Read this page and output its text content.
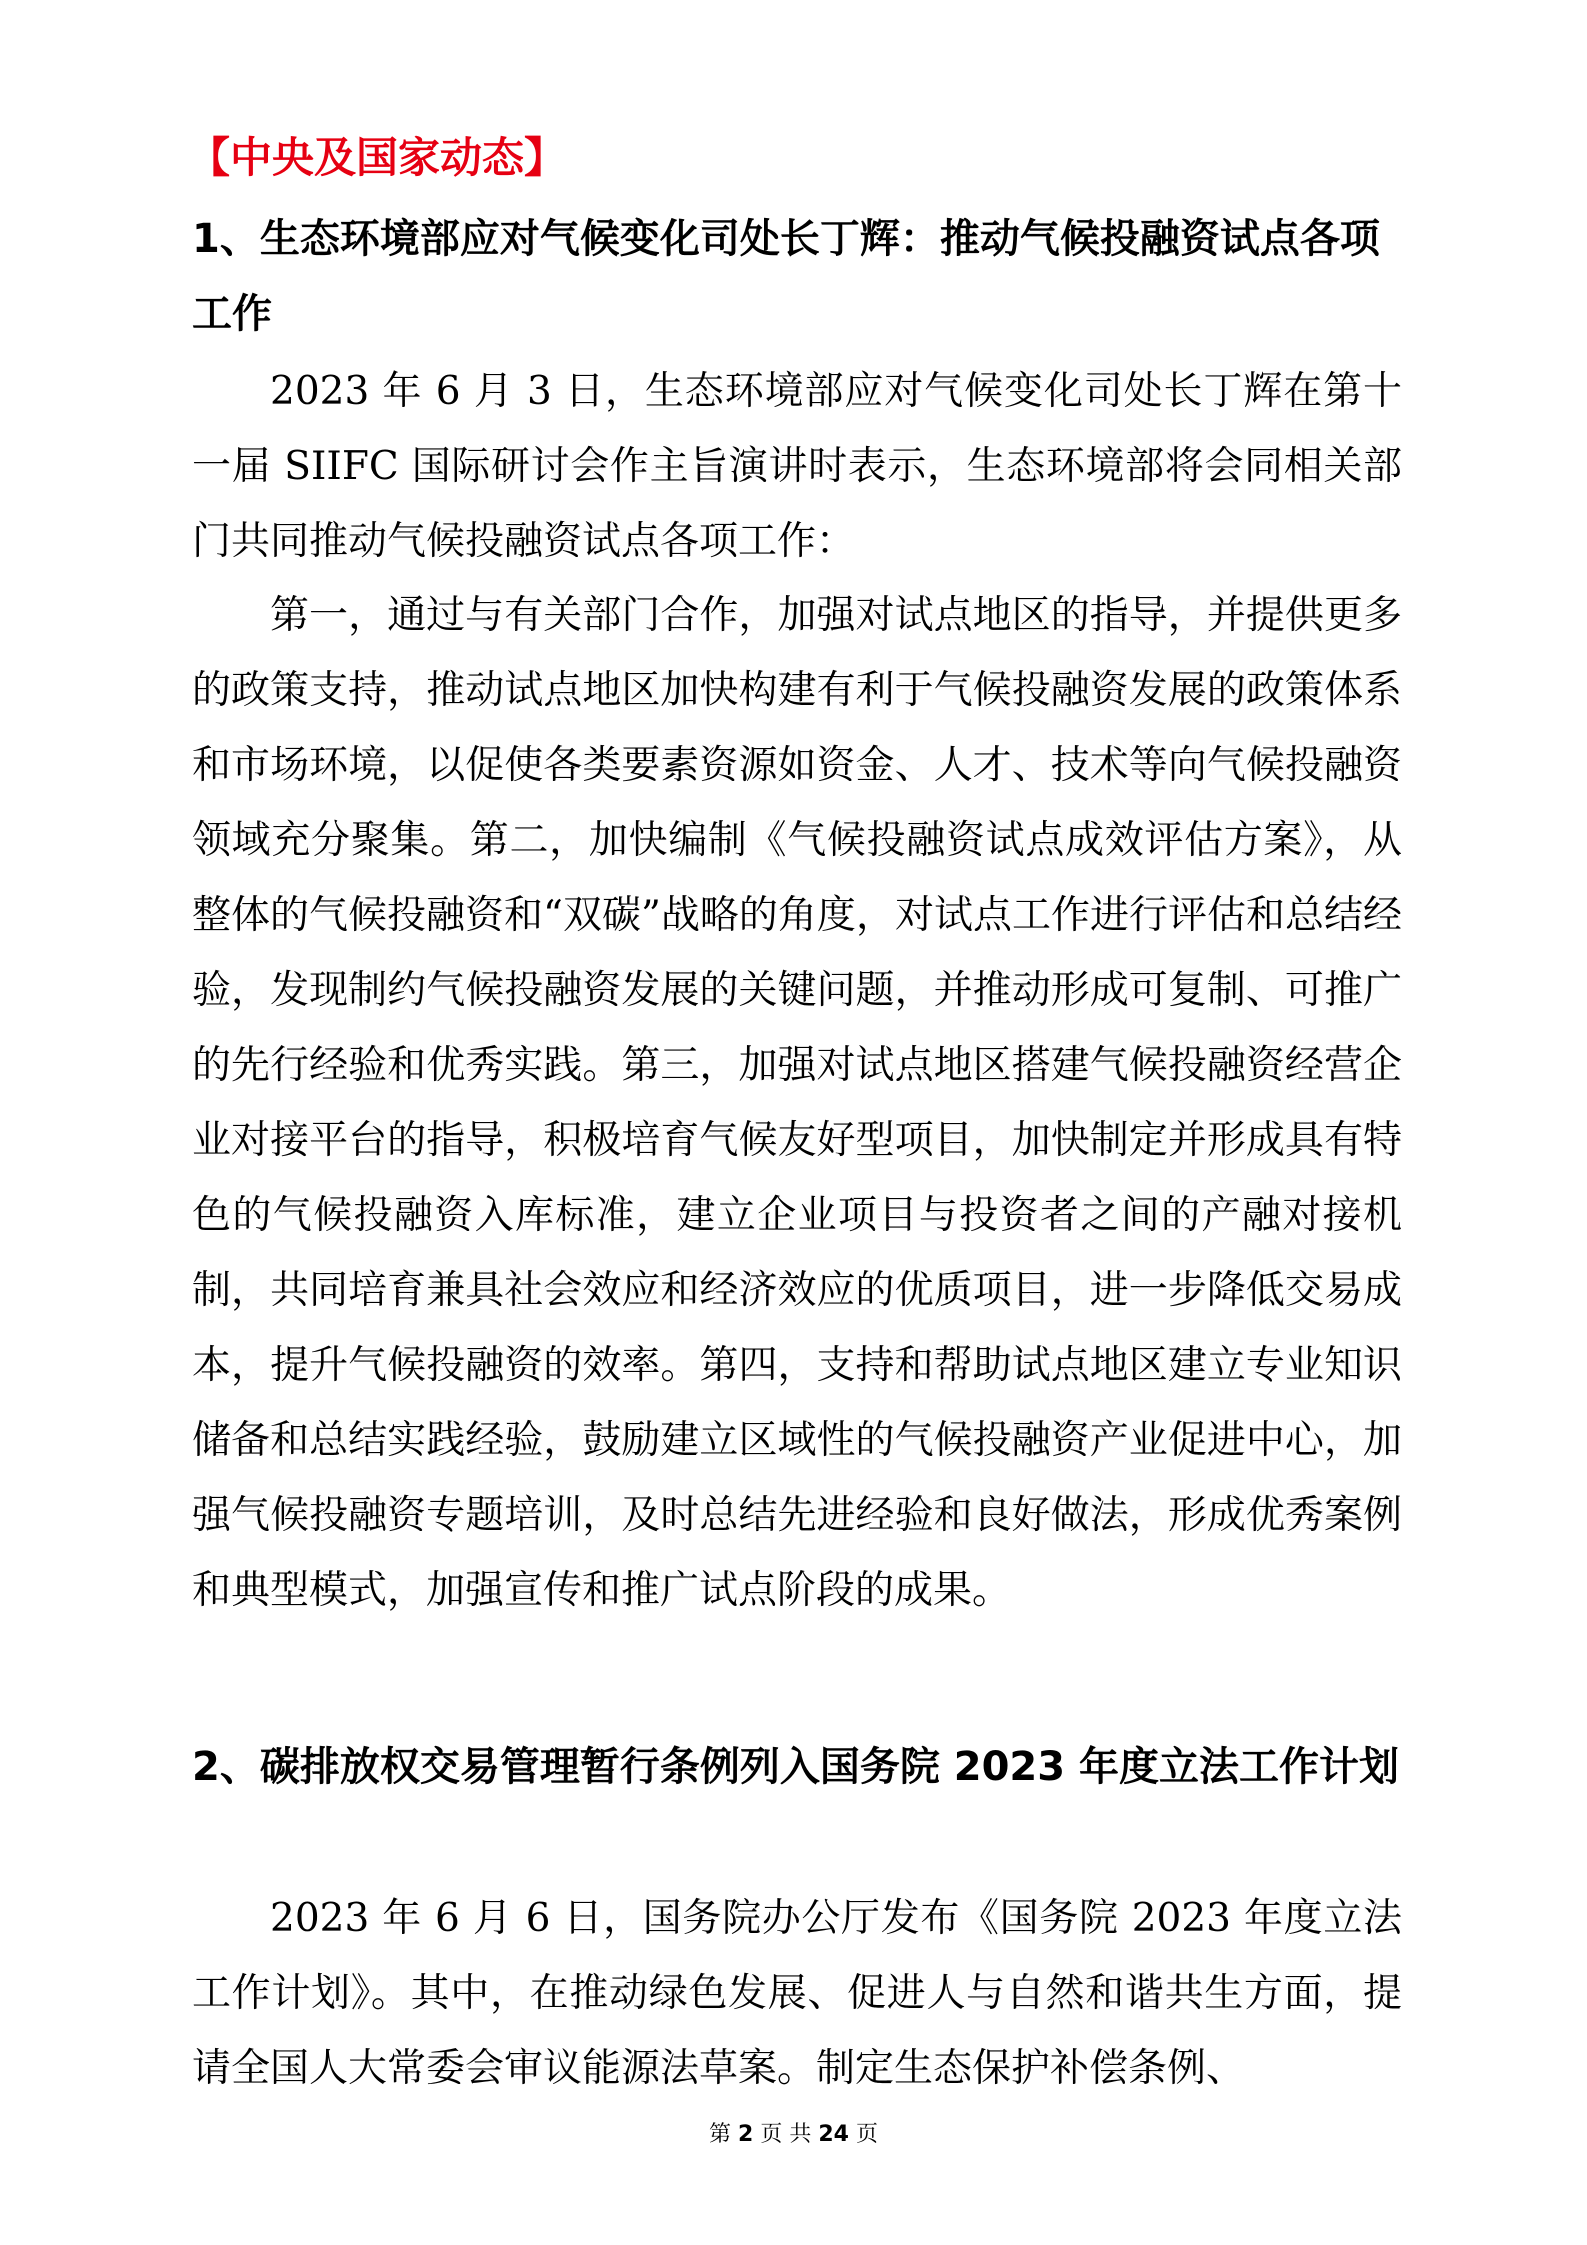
【中央及国家动态】
1、生态环境部应对气候变化司处长丁辉：推动气候投融资试点各项工作

2023 年 6 月 3 日，生态环境部应对气候变化司处长丁辉在第十一届 SIIFC 国际研讨会作主旨演讲时表示，生态环境部将会同相关部门共同推动气候投融资试点各项工作：

第一，通过与有关部门合作，加强对试点地区的指导，并提供更多的政策支持，推动试点地区加快构建有利于气候投融资发展的政策体系和市场环境，以促使各类要素资源如资金、人才、技术等向气候投融资领域充分聚集。第二，加快编制《气候投融资试点成效评估方案》，从整体的气候投融资和“双碳”战略的角度，对试点工作进行评估和总结经验，发现制约气候投融资发展的关键问题，并推动形成可复制、可推广的先行经验和优秀实践。第三，加强对试点地区搭建气候投融资经营企业对接平台的指导，积极培育气候友好型项目，加快制定并形成具有特色的气候投融资入库标准，建立企业项目与投资者之间的产融对接机制，共同培育兼具社会效应和经济效应的优质项目，进一步降低交易成本，提升气候投融资的效率。第四，支持和帮助试点地区建立专业知识储备和总结实践经验，鼓励建立区域性的气候投融资产业促进中心，加强气候投融资专题培训，及时总结先进经验和良好做法，形成优秀案例和典型模式，加强宣传和推广试点阶段的成果。

2、碳排放权交易管理暂行条例列入国务院 2023 年度立法工作计划

2023 年 6 月 6 日，国务院办公厅发布《国务院 2023 年度立法工作计划》。其中，在推动绿色发展、促进人与自然和谐共生方面，提请全国人大常委会审议能源法草案。制定生态保护补偿条例、

第 2 页 共 24 页
